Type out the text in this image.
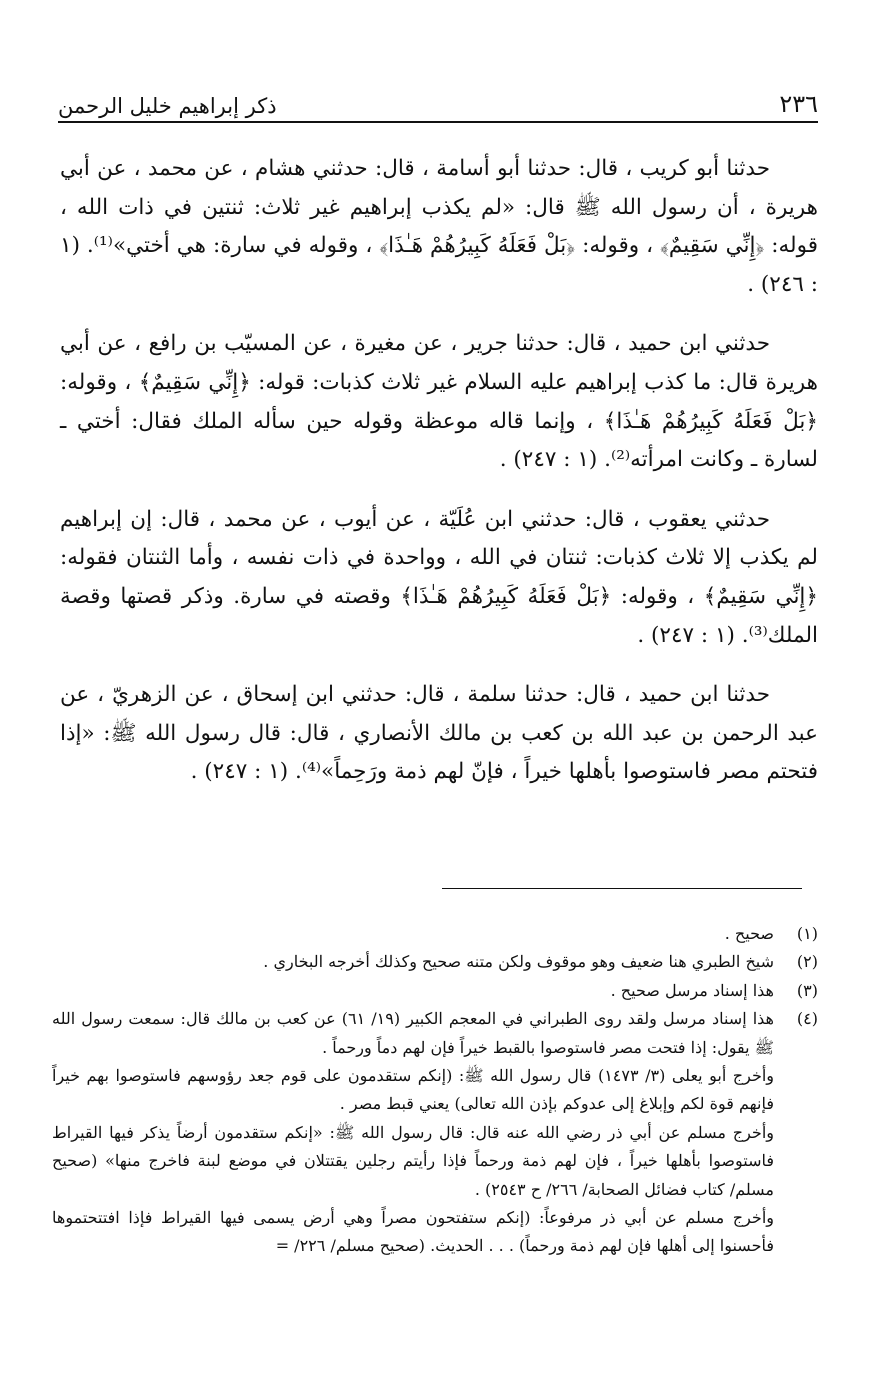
٢٣٦
ذكر إبراهيم خليل الرحمن

حدثنا أبو كريب ، قال: حدثنا أبو أسامة ، قال: حدثني هشام ، عن محمد ، عن أبي هريرة ، أن رسول الله ﷺ قال: «لم يكذب إبراهيم غير ثلاث: ثنتين في ذات الله ، قوله: ﴿إِنِّي سَقِيمٌ﴾ ، وقوله: ﴿بَلْ فَعَلَهُ كَبِيرُهُمْ هَـٰذَا﴾ ، وقوله في سارة: هي أختي»⁽¹⁾. (١ : ٢٤٦) .

حدثني ابن حميد ، قال: حدثنا جرير ، عن مغيرة ، عن المسيّب بن رافع ، عن أبي هريرة قال: ما كذب إبراهيم عليه السلام غير ثلاث كذبات: قوله: ﴿إِنِّي سَقِيمٌ﴾ ، وقوله: ﴿بَلْ فَعَلَهُ كَبِيرُهُمْ هَـٰذَا﴾ ، وإنما قاله موعظة وقوله حين سأله الملك فقال: أختي ـ لسارة ـ وكانت امرأته⁽²⁾. (١ : ٢٤٧) .

حدثني يعقوب ، قال: حدثني ابن عُلَيّة ، عن أيوب ، عن محمد ، قال: إن إبراهيم لم يكذب إلا ثلاث كذبات: ثنتان في الله ، وواحدة في ذات نفسه ، وأما الثنتان فقوله: ﴿إِنِّي سَقِيمٌ﴾ ، وقوله: ﴿بَلْ فَعَلَهُ كَبِيرُهُمْ هَـٰذَا﴾ وقصته في سارة. وذكر قصتها وقصة الملك⁽³⁾. (١ : ٢٤٧) .

حدثنا ابن حميد ، قال: حدثنا سلمة ، قال: حدثني ابن إسحاق ، عن الزهريّ ، عن عبد الرحمن بن عبد الله بن كعب بن مالك الأنصاري ، قال: قال رسول الله ﷺ: «إذا فتحتم مصر فاستوصوا بأهلها خيراً ، فإنّ لهم ذمة ورَحِماً»⁽⁴⁾. (١ : ٢٤٧) .

(١)
صحيح .
(٢)
شيخ الطبري هنا ضعيف وهو موقوف ولكن متنه صحيح وكذلك أخرجه البخاري .
(٣)
هذا إسناد مرسل صحيح .
(٤)
هذا إسناد مرسل ولقد روى الطبراني في المعجم الكبير (١٩/ ٦١) عن كعب بن مالك قال: سمعت رسول الله ﷺ يقول: إذا فتحت مصر فاستوصوا بالقبط خيراً فإن لهم دماً ورحماً .
وأخرج أبو يعلى (٣/ ١٤٧٣) قال رسول الله ﷺ: (إنكم ستقدمون على قوم جعد رؤوسهم فاستوصوا بهم خيراً فإنهم قوة لكم وإبلاغ إلى عدوكم بإذن الله تعالى) يعني قبط مصر .
وأخرج مسلم عن أبي ذر رضي الله عنه قال: قال رسول الله ﷺ: «إنكم ستقدمون أرضاً يذكر فيها القيراط فاستوصوا بأهلها خيراً ، فإن لهم ذمة ورحماً فإذا رأيتم رجلين يقتتلان في موضع لبنة فاخرج منها» (صحيح مسلم/ كتاب فضائل الصحابة/ ٢٦٦/ ح ٢٥٤٣) .
وأخرج مسلم عن أبي ذر مرفوعاً: (إنكم ستفتحون مصراً وهي أرض يسمى فيها القيراط فإذا افتتحتموها فأحسنوا إلى أهلها فإن لهم ذمة ورحماً) . . . الحديث. (صحيح مسلم/ ٢٢٦/ =
